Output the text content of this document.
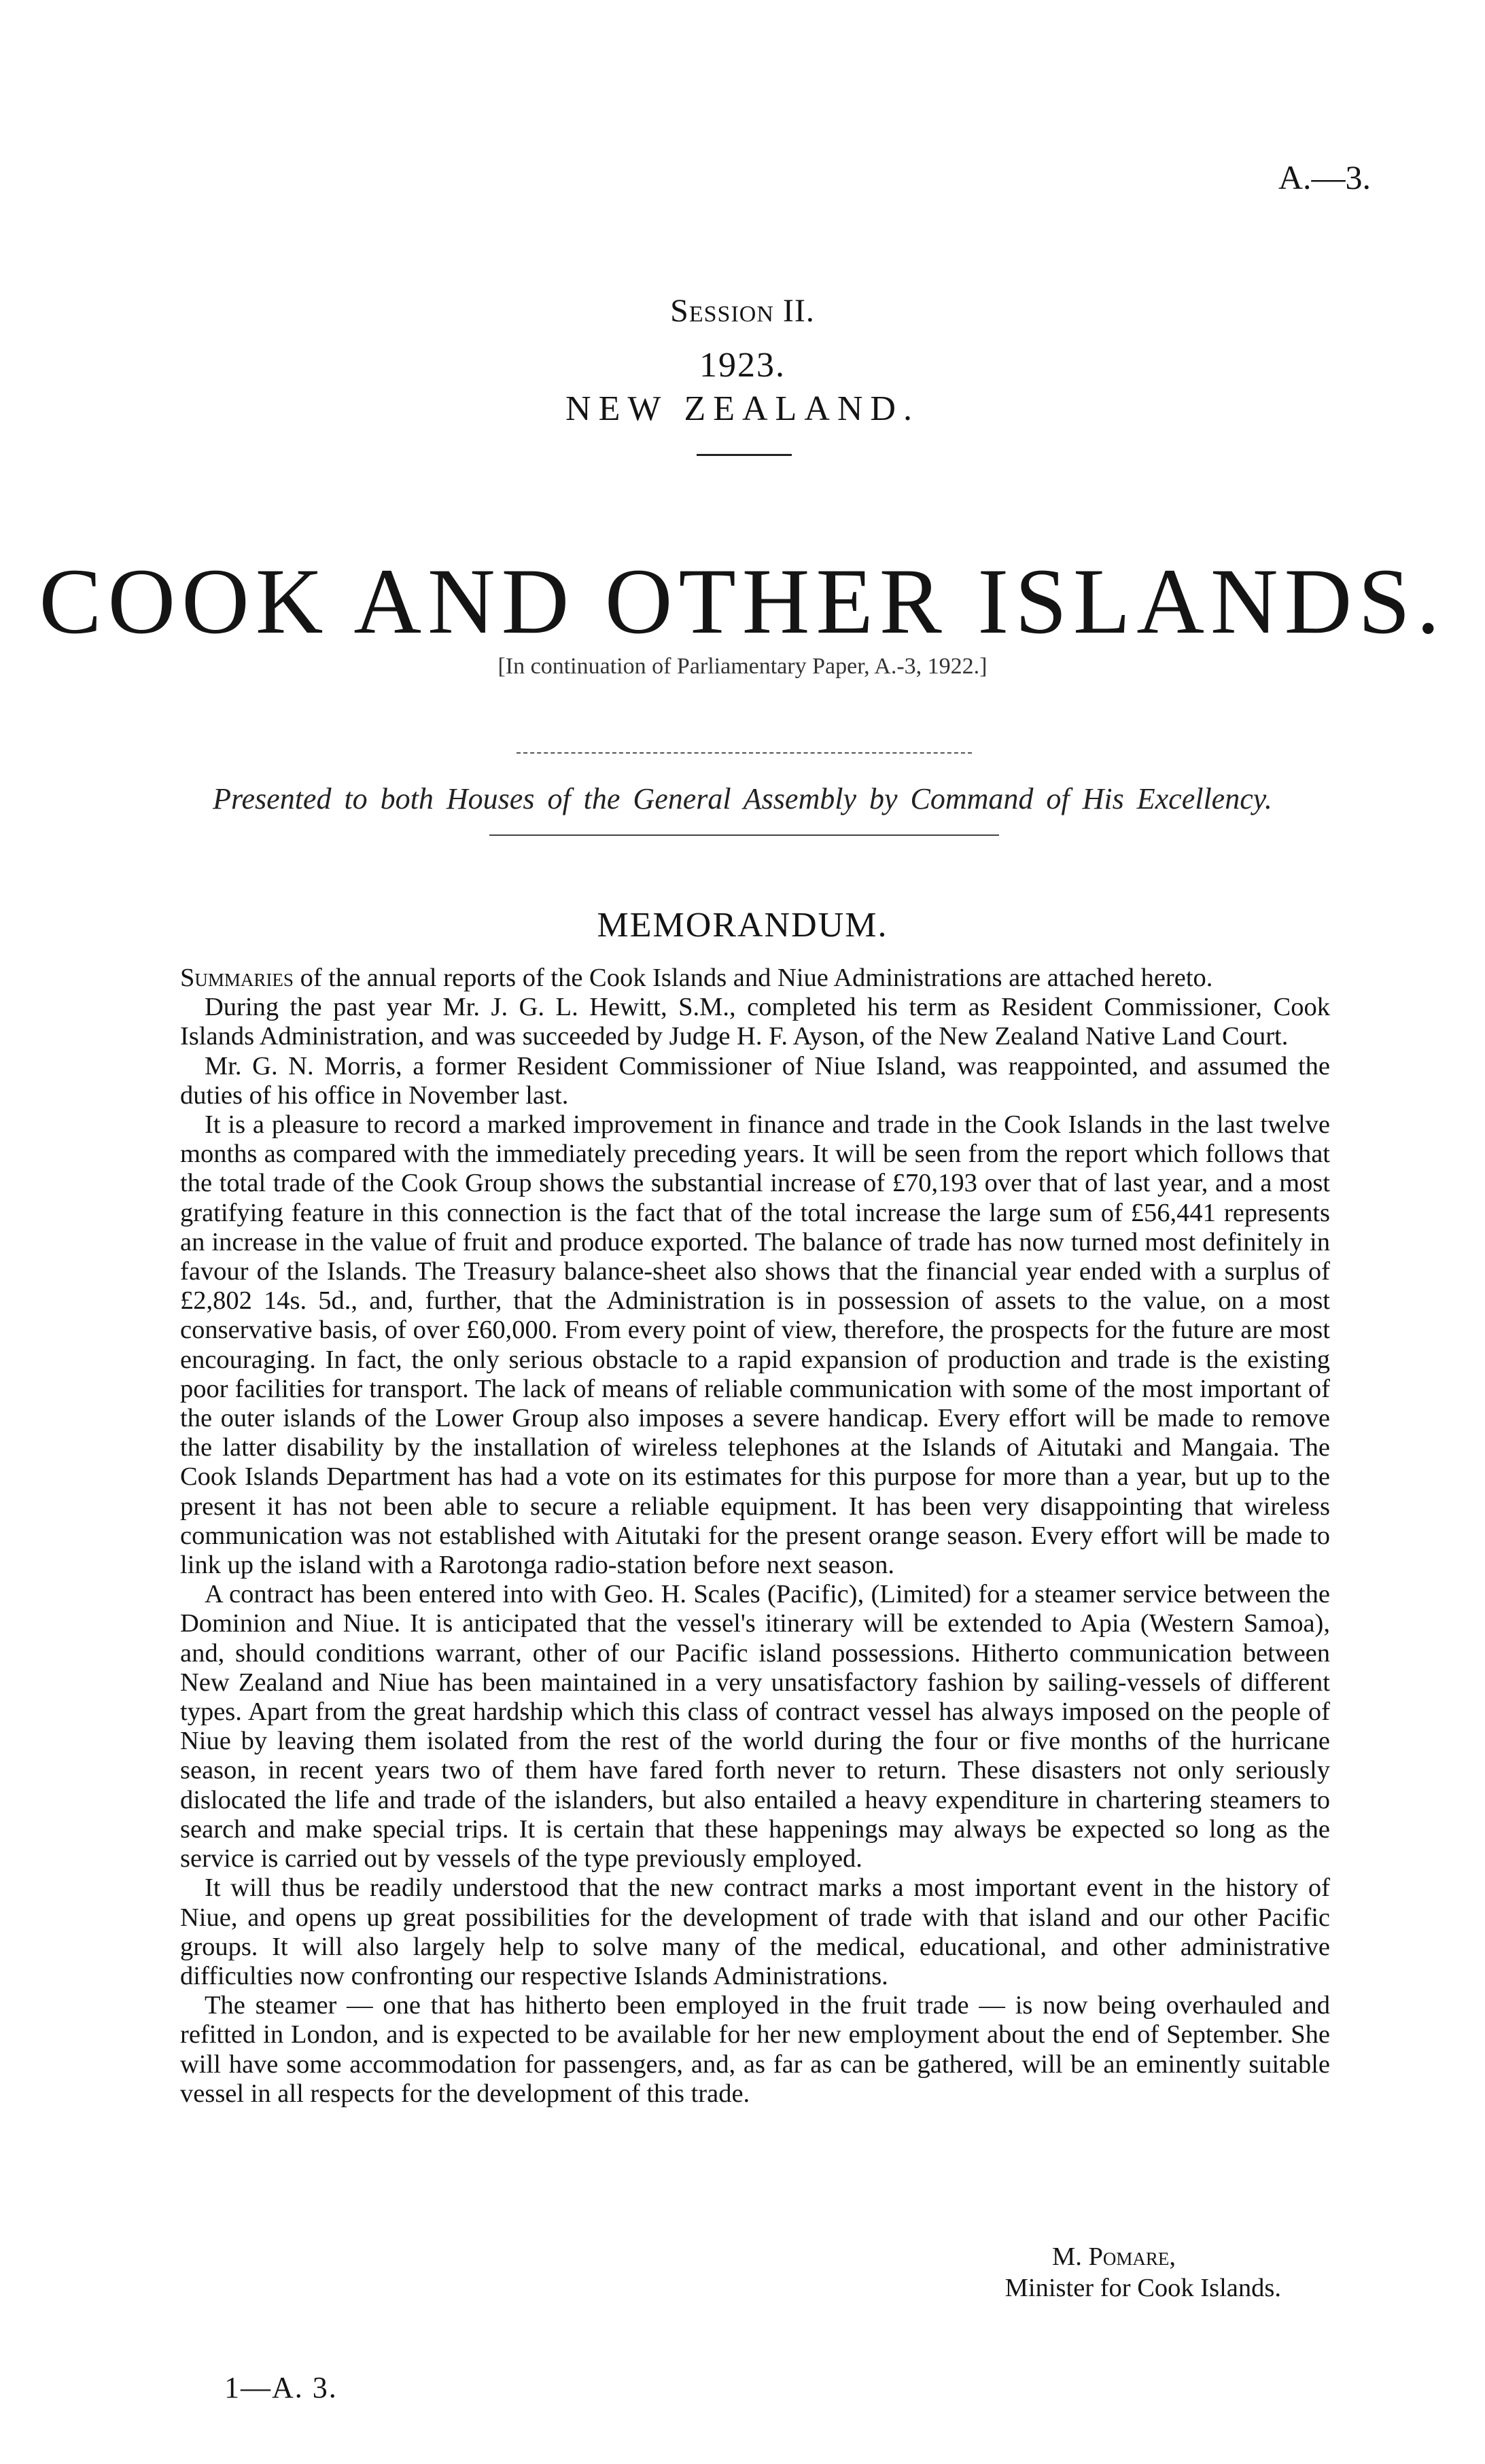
A.—3.
Session II.
1923.
NEW ZEALAND.
COOK AND OTHER ISLANDS.
[In continuation of Parliamentary Paper, A.-3, 1922.]
Presented to both Houses of the General Assembly by Command of His Excellency.
MEMORANDUM.

Summaries of the annual reports of the Cook Islands and Niue Administrations are attached hereto.

During the past year Mr. J. G. L. Hewitt, S.M., completed his term as Resident Commissioner, Cook Islands Administration, and was succeeded by Judge H. F. Ayson, of the New Zealand Native Land Court.

Mr. G. N. Morris, a former Resident Commissioner of Niue Island, was reappointed, and assumed the duties of his office in November last.

It is a pleasure to record a marked improvement in finance and trade in the Cook Islands in the last twelve months as compared with the immediately preceding years. It will be seen from the report which follows that the total trade of the Cook Group shows the substantial increase of £70,193 over that of last year, and a most gratifying feature in this connection is the fact that of the total increase the large sum of £56,441 represents an increase in the value of fruit and produce exported. The balance of trade has now turned most definitely in favour of the Islands. The Treasury balance-sheet also shows that the financial year ended with a surplus of £2,802 14s. 5d., and, further, that the Administration is in possession of assets to the value, on a most conservative basis, of over £60,000. From every point of view, therefore, the prospects for the future are most encouraging. In fact, the only serious obstacle to a rapid expansion of production and trade is the existing poor facilities for transport. The lack of means of reliable communication with some of the most important of the outer islands of the Lower Group also imposes a severe handicap. Every effort will be made to remove the latter disability by the installation of wireless telephones at the Islands of Aitutaki and Mangaia. The Cook Islands Department has had a vote on its estimates for this purpose for more than a year, but up to the present it has not been able to secure a reliable equipment. It has been very disappointing that wireless communication was not established with Aitutaki for the present orange season. Every effort will be made to link up the island with a Rarotonga radio-station before next season.

A contract has been entered into with Geo. H. Scales (Pacific), (Limited) for a steamer service between the Dominion and Niue. It is anticipated that the vessel's itinerary will be extended to Apia (Western Samoa), and, should conditions warrant, other of our Pacific island possessions. Hitherto communication between New Zealand and Niue has been maintained in a very unsatisfactory fashion by sailing-vessels of different types. Apart from the great hardship which this class of contract vessel has always imposed on the people of Niue by leaving them isolated from the rest of the world during the four or five months of the hurricane season, in recent years two of them have fared forth never to return. These disasters not only seriously dislocated the life and trade of the islanders, but also entailed a heavy expenditure in chartering steamers to search and make special trips. It is certain that these happenings may always be expected so long as the service is carried out by vessels of the type previously employed.

It will thus be readily understood that the new contract marks a most important event in the history of Niue, and opens up great possibilities for the development of trade with that island and our other Pacific groups. It will also largely help to solve many of the medical, educational, and other administrative difficulties now confronting our respective Islands Administrations.

The steamer — one that has hitherto been employed in the fruit trade — is now being overhauled and refitted in London, and is expected to be available for her new employment about the end of September. She will have some accommodation for passengers, and, as far as can be gathered, will be an eminently suitable vessel in all respects for the development of this trade.

M. Pomare,
Minister for Cook Islands.
1—A. 3.
